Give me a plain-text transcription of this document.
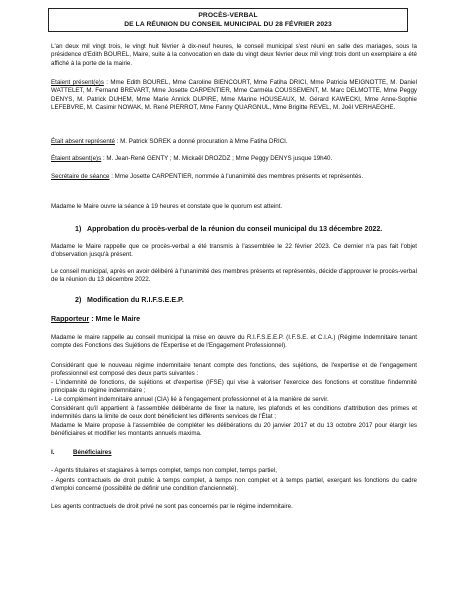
PROCÈS-VERBAL
DE LA RÉUNION DU CONSEIL MUNICIPAL DU 28 FÉVRIER 2023

L'an deux mil vingt trois, le vingt huit février à dix-neuf heures, le conseil municipal s'est réuni en salle des mariages, sous la présidence d'Edith BOUREL, Maire, suite à la convocation en date du vingt deux février deux mil vingt trois dont un exemplaire a été affiché à la porte de la mairie.

Etaient présent(e)s : Mme Edith BOUREL, Mme Caroline BIENCOURT, Mme Fatiha DRICI, Mme Patricia MEIGNOTTE, M. Daniel WATTELET, M. Fernand BREVART, Mme Josette CARPENTIER, Mme Carméla COUSSEMENT, M. Marc DELMOTTE, Mme Peggy DENYS, M. Patrick DUHEM, Mme Marie Annick DUPIRE, Mme Marine HOUSEAUX, M. Gérard KAWECKI, Mme Anne-Sophie LEFEBVRE, M. Casimir NOWAK, M. René PIERROT, Mme Fanny QUARGNUL, Mme Brigitte REVEL, M. Joël VERHAEGHE.

Était absent représenté : M. Patrick SOREK a donné procuration à Mme Fatiha DRICI.

Étaient absent(e)s : M. Jean-René GENTY ; M. Mickaël DROZDZ ; Mme Peggy DENYS jusque 19h40.

Secrétaire de séance : Mme Josette CARPENTIER, nommée à l'unanimité des membres présents et représentés.

Madame le Maire ouvre la séance à 19 heures et constate que le quorum est atteint.

1) Approbation du procès-verbal de la réunion du conseil municipal du 13 décembre 2022.

Madame le Maire rappelle que ce procès-verbal a été transmis à l'assemblée le 22 février 2023. Ce dernier n'a pas fait l'objet d'observation jusqu'à présent.

Le conseil municipal, après en avoir délibéré à l'unanimité des membres présents et représentés, décide d'approuver le procès-verbal de la réunion du 13 décembre 2022.

2) Modification du R.I.F.S.E.E.P.

Rapporteur : Mme le Maire

Madame le maire rappelle au conseil municipal la mise en œuvre du R.I.F.S.E.E.P. (I.F.S.E. et C.I.A.) (Régime Indemnitaire tenant compte des Fonctions des Sujétions de l'Expertise et de l'Engagement Professionnel).

Considérant que le nouveau régime indemnitaire tenant compte des fonctions, des sujétions, de l'expertise et de l'engagement professionnel est composé des deux parts suivantes :

- L'indemnité de fonctions, de sujétions et d'expertise (IFSE) qui vise à valoriser l'exercice des fonctions et constitue l'indemnité principale du régime indemnitaire ;

- Le complément indemnitaire annuel (CIA) lié à l'engagement professionnel et à la manière de servir.

Considérant qu'il appartient à l'assemblée délibérante de fixer la nature, les plafonds et les conditions d'attribution des primes et indemnités dans la limite de ceux dont bénéficient les différents services de l'État ;

Madame le Maire propose à l'assemblée de compléter les délibérations du 20 janvier 2017 et du 13 octobre 2017 pour élargir les bénéficiaires et modifier les montants annuels maxima.

I.	Bénéficiaires

- Agents titulaires et stagiaires à temps complet, temps non complet, temps partiel,

- Agents contractuels de droit public à temps complet, à temps non complet et à temps partiel, exerçant les fonctions du cadre d'emploi concerné (possibilité de définir une condition d'ancienneté).

Les agents contractuels de droit privé ne sont pas concernés par le régime indemnitaire.
